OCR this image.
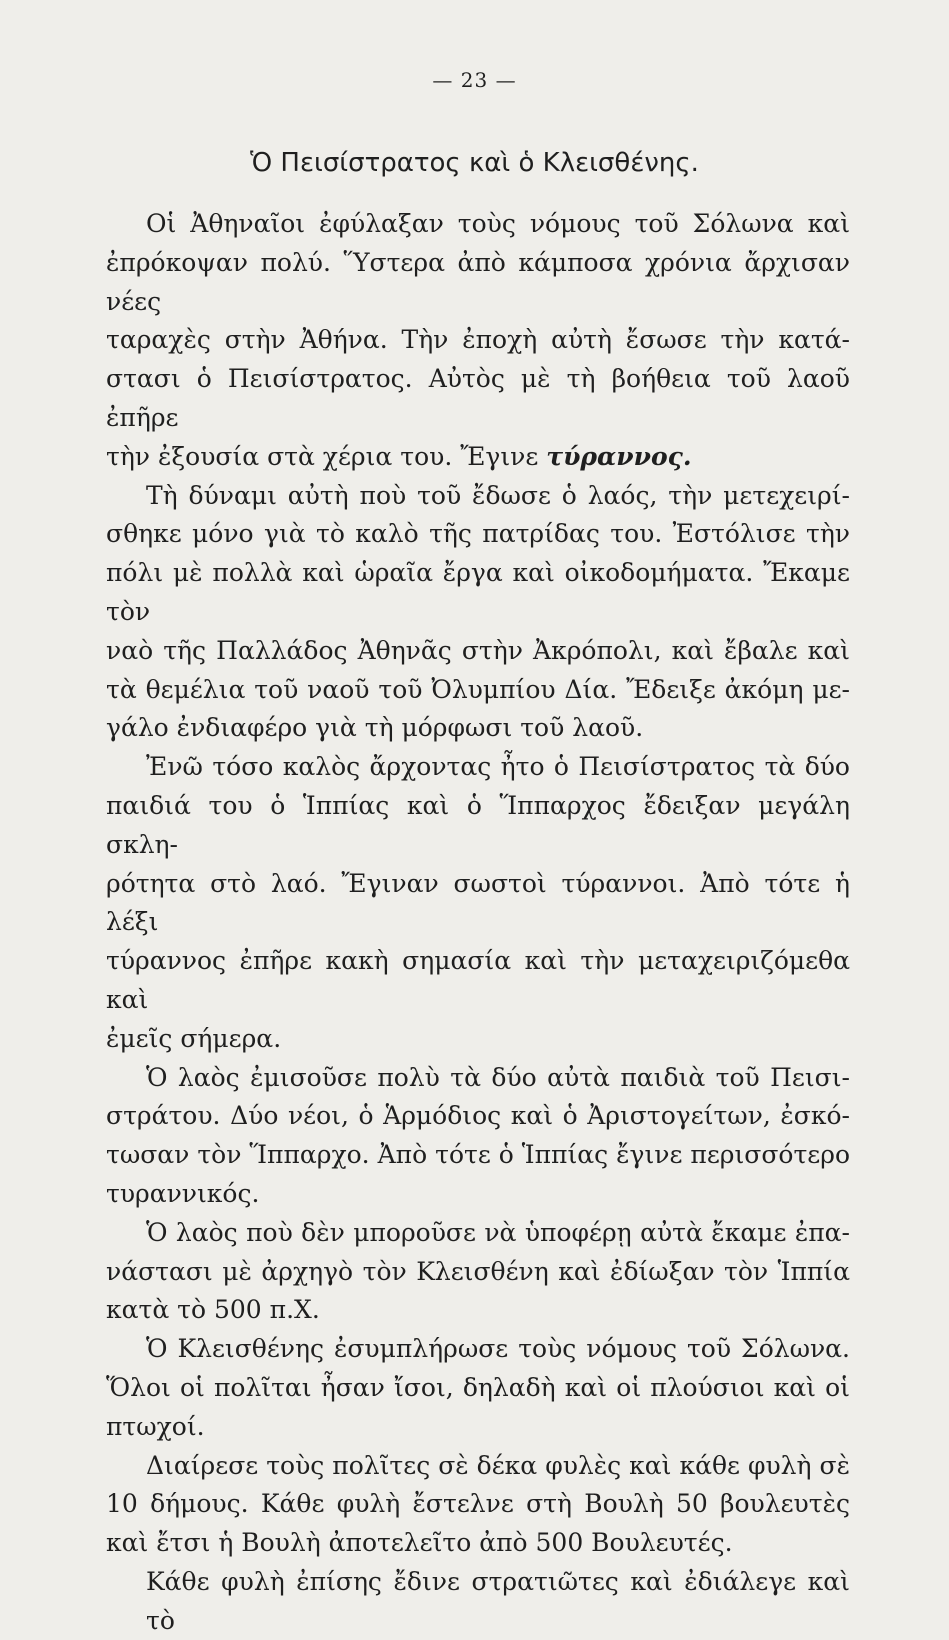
— 23 —
Ὁ Πεισίστρατος καὶ ὁ Κλεισθένης.
Οἱ Ἀθηναῖοι ἐφύλαξαν τοὺς νόμους τοῦ Σόλωνα καὶ
ἐπρόκοψαν πολύ. Ὕστερα ἀπὸ κάμποσα χρόνια ἄρχισαν νέες
ταραχὲς στὴν Ἀθήνα. Τὴν ἐποχὴ αὐτὴ ἔσωσε τὴν κατά-
στασι ὁ Πεισίστρατος. Αὐτὸς μὲ τὴ βοήθεια τοῦ λαοῦ ἐπῆρε
τὴν ἐξουσία στὰ χέρια του. Ἔγινε τύραννος.
Τὴ δύναμι αὐτὴ ποὺ τοῦ ἔδωσε ὁ λαός, τὴν μετεχειρί-
σθηκε μόνο γιὰ τὸ καλὸ τῆς πατρίδας του. Ἐστόλισε τὴν
πόλι μὲ πολλὰ καὶ ὡραῖα ἔργα καὶ οἰκοδομήματα. Ἔκαμε τὸν
ναὸ τῆς Παλλάδος Ἀθηνᾶς στὴν Ἀκρόπολι, καὶ ἔβαλε καὶ
τὰ θεμέλια τοῦ ναοῦ τοῦ Ὀλυμπίου Δία. Ἔδειξε ἀκόμη με-
γάλο ἐνδιαφέρο γιὰ τὴ μόρφωσι τοῦ λαοῦ.
Ἐνῶ τόσο καλὸς ἄρχοντας ἦτο ὁ Πεισίστρατος τὰ δύο
παιδιά του ὁ Ἱππίας καὶ ὁ Ἵππαρχος ἔδειξαν μεγάλη σκλη-
ρότητα στὸ λαό. Ἔγιναν σωστοὶ τύραννοι. Ἀπὸ τότε ἡ λέξι
τύραννος ἐπῆρε κακὴ σημασία καὶ τὴν μεταχειριζόμεθα καὶ
ἐμεῖς σήμερα.
Ὁ λαὸς ἐμισοῦσε πολὺ τὰ δύο αὐτὰ παιδιὰ τοῦ Πεισι-
στράτου. Δύο νέοι, ὁ Ἁρμόδιος καὶ ὁ Ἀριστογείτων, ἐσκό-
τωσαν τὸν Ἵππαρχο. Ἀπὸ τότε ὁ Ἱππίας ἔγινε περισσότερο
τυραννικός.
Ὁ λαὸς ποὺ δὲν μποροῦσε νὰ ὑποφέρῃ αὐτὰ ἔκαμε ἐπα-
νάστασι μὲ ἀρχηγὸ τὸν Κλεισθένη καὶ ἐδίωξαν τὸν Ἱππία
κατὰ τὸ 500 π.Χ.
Ὁ Κλεισθένης ἐσυμπλήρωσε τοὺς νόμους τοῦ Σόλωνα.
Ὅλοι οἱ πολῖται ἦσαν ἴσοι, δηλαδὴ καὶ οἱ πλούσιοι καὶ οἱ
πτωχοί.
Διαίρεσε τοὺς πολῖτες σὲ δέκα φυλὲς καὶ κάθε φυλὴ σὲ
10 δήμους. Κάθε φυλὴ ἔστελνε στὴ Βουλὴ 50 βουλευτὲς
καὶ ἔτσι ἡ Βουλὴ ἀποτελεῖτο ἀπὸ 500 Βουλευτές.
Κάθε φυλὴ ἐπίσης ἔδινε στρατιῶτες καὶ ἐδιάλεγε καὶ τὸ
